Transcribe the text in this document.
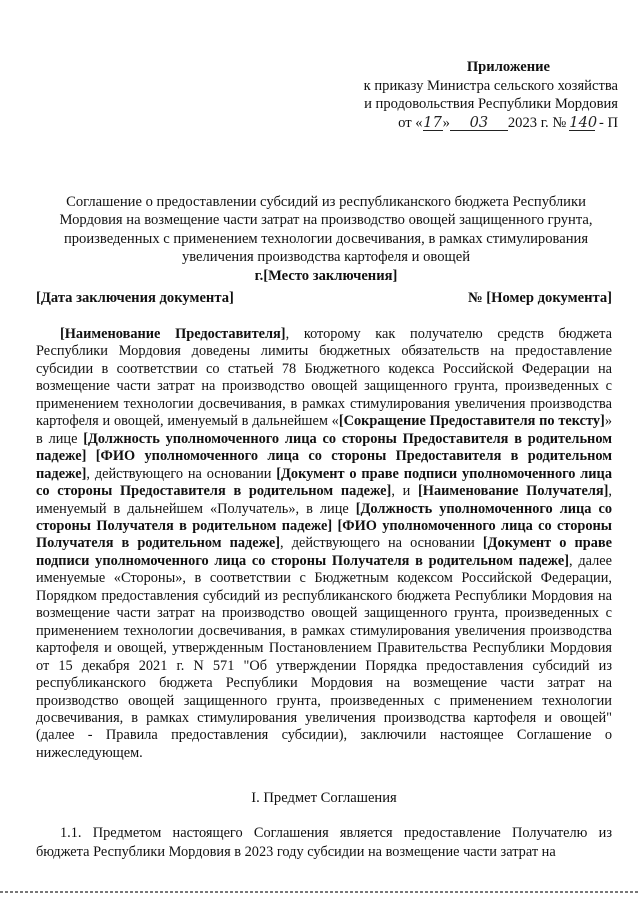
Приложение
к приказу Министра сельского хозяйства
и продовольствия Республики Мордовия
от «17» 03 2023 г. № 140 - П
Соглашение о предоставлении субсидий из республиканского бюджета Республики
Мордовия на возмещение части затрат на производство овощей защищенного грунта,
произведенных с применением технологии досвечивания, в рамках стимулирования
увеличения производства картофеля и овощей
г.[Место заключения]
[Дата заключения документа]	№ [Номер документа]
[Наименование Предоставителя], которому как получателю средств бюджета Республики Мордовия доведены лимиты бюджетных обязательств на предоставление субсидии в соответствии со статьей 78 Бюджетного кодекса Российской Федерации на возмещение части затрат на производство овощей защищенного грунта, произведенных с применением технологии досвечивания, в рамках стимулирования увеличения производства картофеля и овощей, именуемый в дальнейшем «[Сокращение Предоставителя по тексту]» в лице [Должность уполномоченного лица со стороны Предоставителя в родительном падеже] [ФИО уполномоченного лица со стороны Предоставителя в родительном падеже], действующего на основании [Документ о праве подписи уполномоченного лица со стороны Предоставителя в родительном падеже], и [Наименование Получателя], именуемый в дальнейшем «Получатель», в лице [Должность уполномоченного лица со стороны Получателя в родительном падеже] [ФИО уполномоченного лица со стороны Получателя в родительном падеже], действующего на основании [Документ о праве подписи уполномоченного лица со стороны Получателя в родительном падеже], далее именуемые «Стороны», в соответствии с Бюджетным кодексом Российской Федерации, Порядком предоставления субсидий из республиканского бюджета Республики Мордовия на возмещение части затрат на производство овощей защищенного грунта, произведенных с применением технологии досвечивания, в рамках стимулирования увеличения производства картофеля и овощей, утвержденным Постановлением Правительства Республики Мордовия от 15 декабря 2021 г. N 571 "Об утверждении Порядка предоставления субсидий из республиканского бюджета Республики Мордовия на возмещение части затрат на производство овощей защищенного грунта, произведенных с применением технологии досвечивания, в рамках стимулирования увеличения производства картофеля и овощей" (далее - Правила предоставления субсидии), заключили настоящее Соглашение о нижеследующем.
I. Предмет Соглашения
1.1. Предметом настоящего Соглашения является предоставление Получателю из бюджета Республики Мордовия в 2023 году субсидии на возмещение части затрат на
